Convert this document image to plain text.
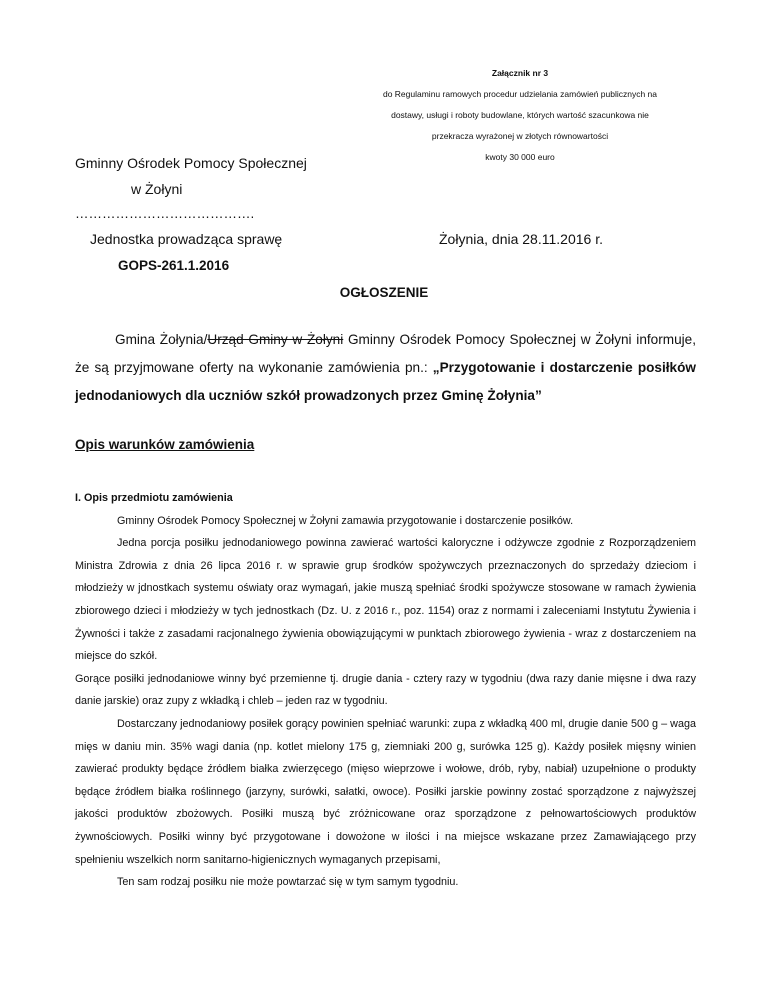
Załącznik nr 3
do Regulaminu ramowych procedur udzielania zamówień publicznych na
dostawy, usługi i roboty budowlane, których wartość szacunkowa nie
przekracza wyrażonej w złotych równowartości
kwoty 30 000 euro
Gminny Ośrodek Pomocy Społecznej
w Żołyni
………………………………….
Jednostka prowadząca sprawę	Żołynia, dnia 28.11.2016 r.
GOPS-261.1.2016
OGŁOSZENIE
Gmina Żołynia/Urząd Gminy w Żołyni Gminny Ośrodek Pomocy Społecznej w Żołyni informuje, że są przyjmowane oferty na wykonanie zamówienia pn.: „Przygotowanie i dostarczenie posiłków jednodaniowych dla uczniów szkół prowadzonych przez Gminę Żołynia”
Opis warunków zamówienia
I. Opis przedmiotu zamówienia
Gminny Ośrodek Pomocy Społecznej w Żołyni zamawia przygotowanie i dostarczenie posiłków.
Jedna porcja posiłku jednodaniowego powinna zawierać wartości kaloryczne i odżywcze zgodnie z Rozporządzeniem Ministra Zdrowia z dnia 26 lipca 2016 r. w sprawie grup środków spożywczych przeznaczonych do sprzedaży dzieciom i młodzieży w jdnostkach systemu oświaty oraz wymagań, jakie muszą spełniać środki spożywcze stosowane w ramach żywienia zbiorowego dzieci i młodzieży w tych jednostkach (Dz. U. z 2016 r., poz. 1154) oraz z normami i zaleceniami Instytutu Żywienia i Żywności i także z zasadami racjonalnego żywienia obowiązującymi w punktach zbiorowego żywienia - wraz z dostarczeniem na miejsce do szkół.
Gorące posiłki jednodaniowe winny być przemienne tj. drugie dania - cztery razy w tygodniu (dwa razy danie mięsne i dwa razy danie jarskie) oraz zupy z wkładką i chleb – jeden raz w tygodniu.
Dostarczany jednodaniowy posiłek gorący powinien spełniać warunki: zupa z wkładką 400 ml, drugie danie 500 g – waga mięs w daniu min. 35% wagi dania (np. kotlet mielony 175 g, ziemniaki 200 g, surówka 125 g). Każdy posiłek mięsny winien zawierać produkty będące źródłem białka zwierzęcego (mięso wieprzowe i wołowe, drób, ryby, nabiał) uzupełnione o produkty będące źródłem białka roślinnego (jarzyny, surówki, sałatki, owoce). Posiłki jarskie powinny zostać sporządzone z najwyższej jakości produktów zbożowych. Posiłki muszą być zróżnicowane oraz sporządzone z pełnowartościowych produktów żywnościowych. Posiłki winny być przygotowane i dowożone w ilości i na miejsce wskazane przez Zamawiającego przy spełnieniu wszelkich norm sanitarno-higienicznych wymaganych przepisami,
Ten sam rodzaj posiłku nie może powtarzać się w tym samym tygodniu.
